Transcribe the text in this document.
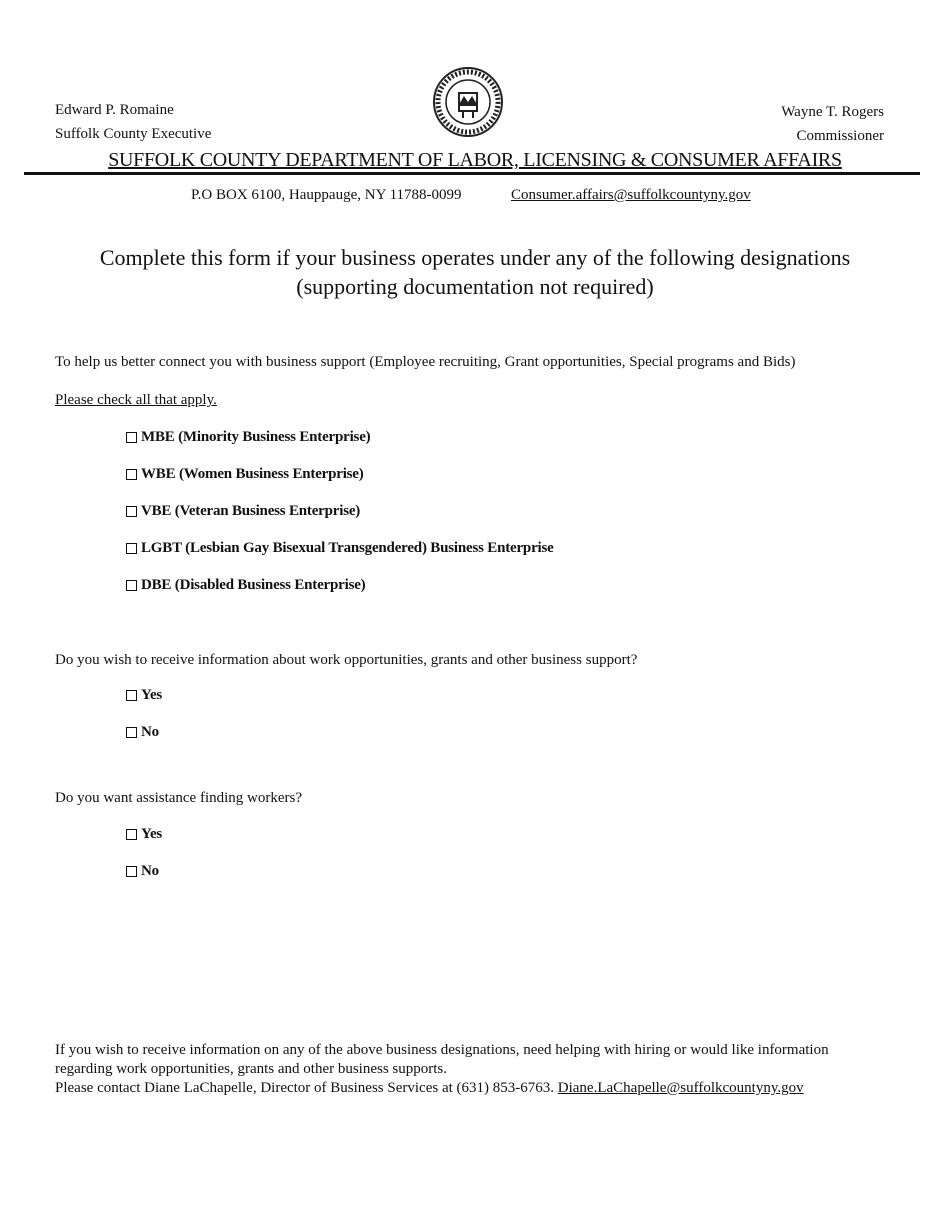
Edward P. Romaine
Suffolk County Executive
Wayne T. Rogers
Commissioner
SUFFOLK COUNTY DEPARTMENT OF LABOR, LICENSING & CONSUMER AFFAIRS
P.O BOX 6100, Hauppauge, NY 11788-0099	Consumer.affairs@suffolkcountyny.gov
Complete this form if your business operates under any of the following designations
(supporting documentation not required)
To help us better connect you with business support (Employee recruiting, Grant opportunities, Special programs and Bids)
Please check all that apply.
MBE (Minority Business Enterprise)
WBE (Women Business Enterprise)
VBE (Veteran Business Enterprise)
LGBT (Lesbian Gay Bisexual Transgendered) Business Enterprise
DBE (Disabled Business Enterprise)
Do you wish to receive information about work opportunities, grants and other business support?
Yes
No
Do you want assistance finding workers?
Yes
No
If you wish to receive information on any of the above business designations, need helping with hiring or would like information
regarding work opportunities, grants and other business supports.
Please contact Diane LaChapelle, Director of Business Services at (631) 853-6763. Diane.LaChapelle@suffolkcountyny.gov
